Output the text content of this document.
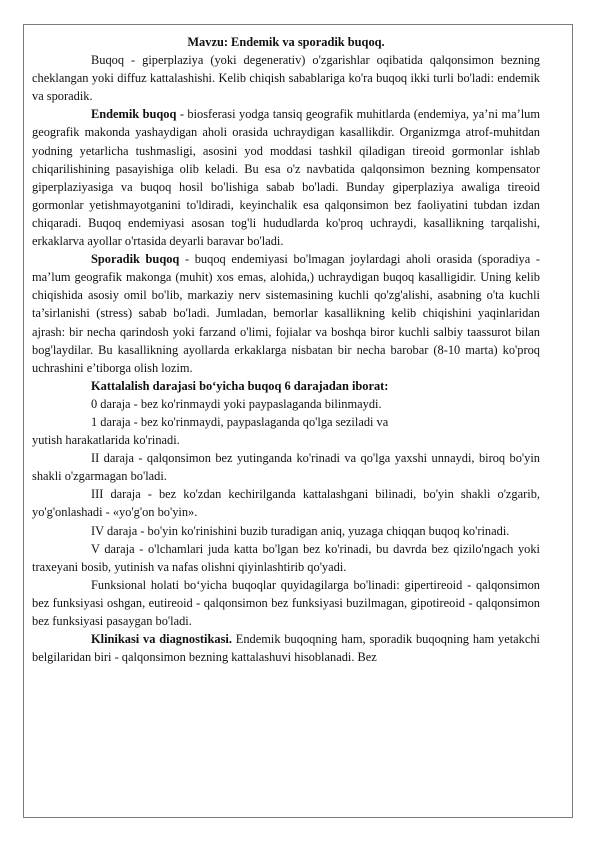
Mavzu: Endemik va sporadik buqoq.

Buqoq - giperplaziya (yoki degenerativ) o'zgarishlar oqibatida qalqonsimon bezning cheklangan yoki diffuz kattalashishi. Kelib chiqish sabablariga ko'ra buqoq ikki turli bo'ladi: endemik va sporadik.

Endemik buqoq - biosferasi yodga tansiq geografik muhitlarda (endemiya, ya’ni ma’lum geografik makonda yashaydigan aholi orasida uchraydigan kasallikdir. Organizmga atrof-muhitdan yodning yetarlicha tushmasligi, asosini yod moddasi tashkil qiladigan tireoid gormonlar ishlab chiqarilishining pasayishiga olib keladi. Bu esa o'z navbatida qalqonsimon bezning kompensator giperplaziyasiga va buqoq hosil bo'lishiga sabab bo'ladi. Bunday giperplaziya awaliga tireoid gormonlar yetishmayotganini to'ldiradi, keyinchalik esa qalqonsimon bez faoliyatini tubdan izdan chiqaradi. Buqoq endemiyasi asosan tog'li hududlarda ko'proq uchraydi, kasallikning tarqalishi, erkaklarva ayollar o'rtasida deyarli baravar bo'ladi.

Sporadik buqoq - buqoq endemiyasi bo'lmagan joylardagi aholi orasida (sporadiya - ma’lum geografik makonga (muhit) xos emas, alohida,) uchraydigan buqoq kasalligidir. Uning kelib chiqishida asosiy omil bo'lib, markaziy nerv sistemasining kuchli qo'zg'alishi, asabning o'ta kuchli ta’sirlanishi (stress) sabab bo'ladi. Jumladan, bemorlar kasallikning kelib chiqishini yaqinlaridan ajrash: bir necha qarindosh yoki farzand o'limi, fojialar va boshqa biror kuchli salbiy taassurot bilan bog'laydilar. Bu kasallikning ayollarda erkaklarga nisbatan bir necha barobar (8-10 marta) ko'proq uchrashini e’tiborga olish lozim.

Kattalalish darajasi bo‘yicha buqoq 6 darajadan iborat:

0 daraja - bez ko'rinmaydi yoki paypaslaganda bilinmaydi.

1 daraja - bez ko'rinmaydi, paypaslaganda qo'lga seziladi va

yutish harakatlarida ko'rinadi.

II daraja - qalqonsimon bez yutinganda ko'rinadi va qo'lga yaxshi unnaydi, biroq bo'yin shakli o'zgarmagan bo'ladi.

III daraja - bez ko'zdan kechirilganda kattalashgani bilinadi, bo'yin shakli o'zgarib, yo'g'onlashadi - «yo'g'on bo'yin».

IV daraja - bo'yin ko'rinishini buzib turadigan aniq, yuzaga chiqqan buqoq ko'rinadi.

V daraja - o'lchamlari juda katta bo'lgan bez ko'rinadi, bu davrda bez qizilo'ngach yoki traxeyani bosib, yutinish va nafas olishni qiyinlashtirib qo'yadi.

Funksional holati bo‘yicha buqoqlar quyidagilarga bo'linadi: gipertireoid - qalqonsimon bez funksiyasi oshgan, eutireoid - qalqonsimon bez funksiyasi buzilmagan, gipotireoid - qalqonsimon bez funksiyasi pasaygan bo'ladi.

Klinikasi va diagnostikasi. Endemik buqoqning ham, sporadik buqoqning ham yetakchi belgilaridan biri - qalqonsimon bezning kattalashuvi hisoblanadi. Bez
